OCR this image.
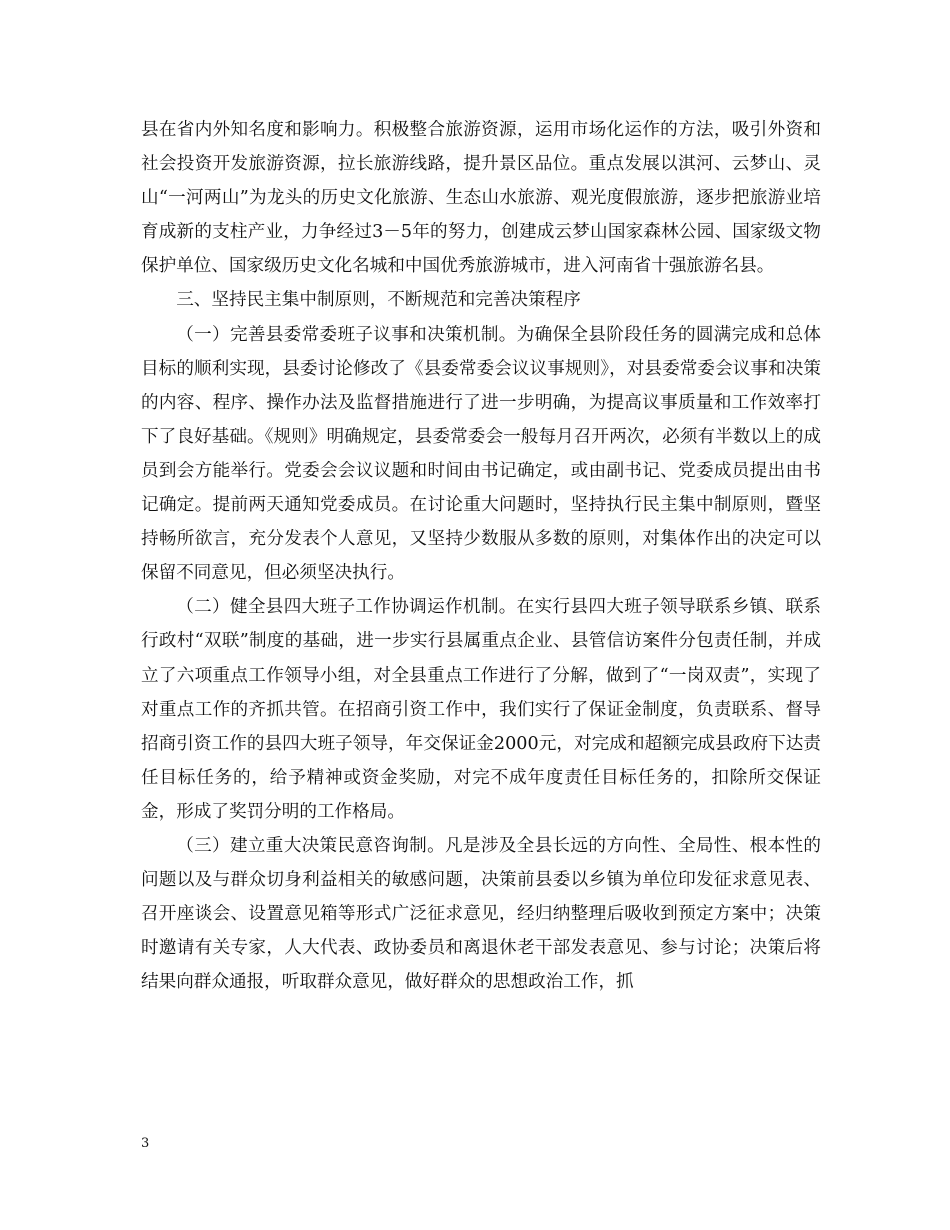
县在省内外知名度和影响力。积极整合旅游资源，运用市场化运作的方法，吸引外资和社会投资开发旅游资源，拉长旅游线路，提升景区品位。重点发展以淇河、云梦山、灵山“一河两山”为龙头的历史文化旅游、生态山水旅游、观光度假旅游，逐步把旅游业培育成新的支柱产业，力争经过3－5年的努力，创建成云梦山国家森林公园、国家级文物保护单位、国家级历史文化名城和中国优秀旅游城市，进入河南省十强旅游名县。

三、坚持民主集中制原则，不断规范和完善决策程序

（一）完善县委常委班子议事和决策机制。为确保全县阶段任务的圆满完成和总体目标的顺利实现，县委讨论修改了《县委常委会议议事规则》，对县委常委会议事和决策的内容、程序、操作办法及监督措施进行了进一步明确，为提高议事质量和工作效率打下了良好基础。《规则》明确规定，县委常委会一般每月召开两次，必须有半数以上的成员到会方能举行。党委会会议议题和时间由书记确定，或由副书记、党委成员提出由书记确定。提前两天通知党委成员。在讨论重大问题时，坚持执行民主集中制原则，暨坚持畅所欲言，充分发表个人意见，又坚持少数服从多数的原则，对集体作出的决定可以保留不同意见，但必须坚决执行。

（二）健全县四大班子工作协调运作机制。在实行县四大班子领导联系乡镇、联系行政村“双联”制度的基础，进一步实行县属重点企业、县管信访案件分包责任制，并成立了六项重点工作领导小组，对全县重点工作进行了分解，做到了“一岗双责”，实现了对重点工作的齐抓共管。在招商引资工作中，我们实行了保证金制度，负责联系、督导招商引资工作的县四大班子领导，年交保证金2000元，对完成和超额完成县政府下达责任目标任务的，给予精神或资金奖励，对完不成年度责任目标任务的，扣除所交保证金，形成了奖罚分明的工作格局。

（三）建立重大决策民意咨询制。凡是涉及全县长远的方向性、全局性、根本性的问题以及与群众切身利益相关的敏感问题，决策前县委以乡镇为单位印发征求意见表、召开座谈会、设置意见箱等形式广泛征求意见，经归纳整理后吸收到预定方案中；决策时邀请有关专家，人大代表、政协委员和离退休老干部发表意见、参与讨论；决策后将结果向群众通报，听取群众意见，做好群众的思想政治工作，抓

3
